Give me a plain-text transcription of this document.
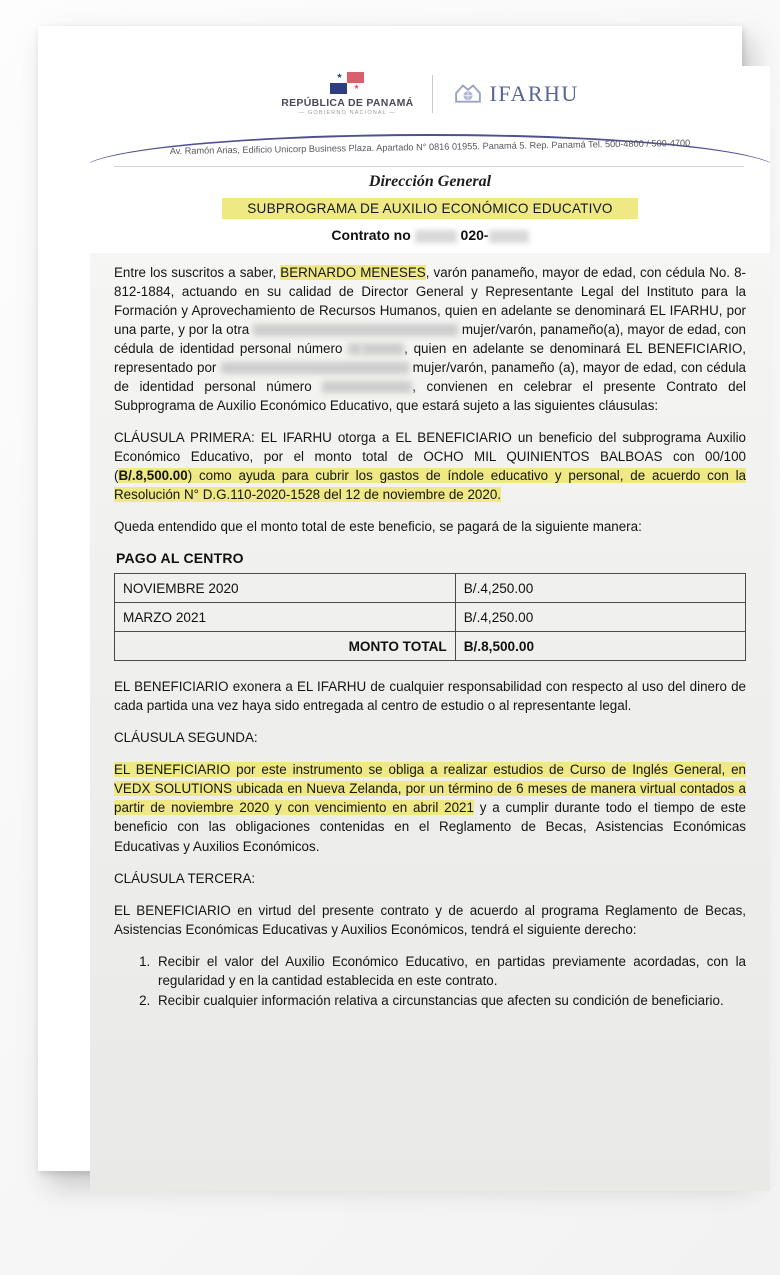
★
★
REPÚBLICA DE PANAMÁ
— GOBIERNO NACIONAL —
IFARHU
Av. Ramón Arias, Edificio Unicorp Business Plaza. Apartado N° 0816 01955. Panamá 5. Rep. Panamá Tel. 500-4800 / 500-4700
Dirección General
SUBPROGRAMA DE AUXILIO ECONÓMICO EDUCATIVO
Contrato no	020-

Entre los suscritos a saber, BERNARDO MENESES, varón panameño, mayor de edad, con cédula No. 8-812-1884, actuando en su calidad de Director General y Representante Legal del Instituto para la Formación y Aprovechamiento de Recursos Humanos, quien en adelante se denominará EL IFARHU, por una parte, y por la otra	mujer/varón, panameño(a), mayor de edad, con cédula de identidad personal número	, quien en adelante se denominará EL BENEFICIARIO, representado por	mujer/varón, panameño (a), mayor de edad, con cédula de identidad personal número	, convienen en celebrar el presente Contrato del Subprograma de Auxilio Económico Educativo, que estará sujeto a las siguientes cláusulas:

CLÁUSULA PRIMERA: EL IFARHU otorga a EL BENEFICIARIO un beneficio del subprograma Auxilio Económico Educativo, por el monto total de OCHO MIL QUINIENTOS BALBOAS con 00/100 (B/.8,500.00) como ayuda para cubrir los gastos de índole educativo y personal, de acuerdo con la Resolución N° D.G.110-2020-1528 del 12 de noviembre de 2020.

Queda entendido que el monto total de este beneficio, se pagará de la siguiente manera:

PAGO AL CENTRO
NOVIEMBRE 2020	B/.4,250.00
MARZO 2021	B/.4,250.00
MONTO TOTAL	B/.8,500.00

EL BENEFICIARIO exonera a EL IFARHU de cualquier responsabilidad con respecto al uso del dinero de cada partida una vez haya sido entregada al centro de estudio o al representante legal.

CLÁUSULA SEGUNDA:

EL BENEFICIARIO por este instrumento se obliga a realizar estudios de Curso de Inglés General, en VEDX SOLUTIONS ubicada en Nueva Zelanda, por un término de 6 meses de manera virtual contados a partir de noviembre 2020 y con vencimiento en abril 2021 y a cumplir durante todo el tiempo de este beneficio con las obligaciones contenidas en el Reglamento de Becas, Asistencias Económicas Educativas y Auxilios Económicos.

CLÁUSULA TERCERA:

EL BENEFICIARIO en virtud del presente contrato y de acuerdo al programa Reglamento de Becas, Asistencias Económicas Educativas y Auxilios Económicos, tendrá el siguiente derecho:

1. Recibir el valor del Auxilio Económico Educativo, en partidas previamente acordadas, con la regularidad y en la cantidad establecida en este contrato.
2. Recibir cualquier información relativa a circunstancias que afecten su condición de beneficiario.
